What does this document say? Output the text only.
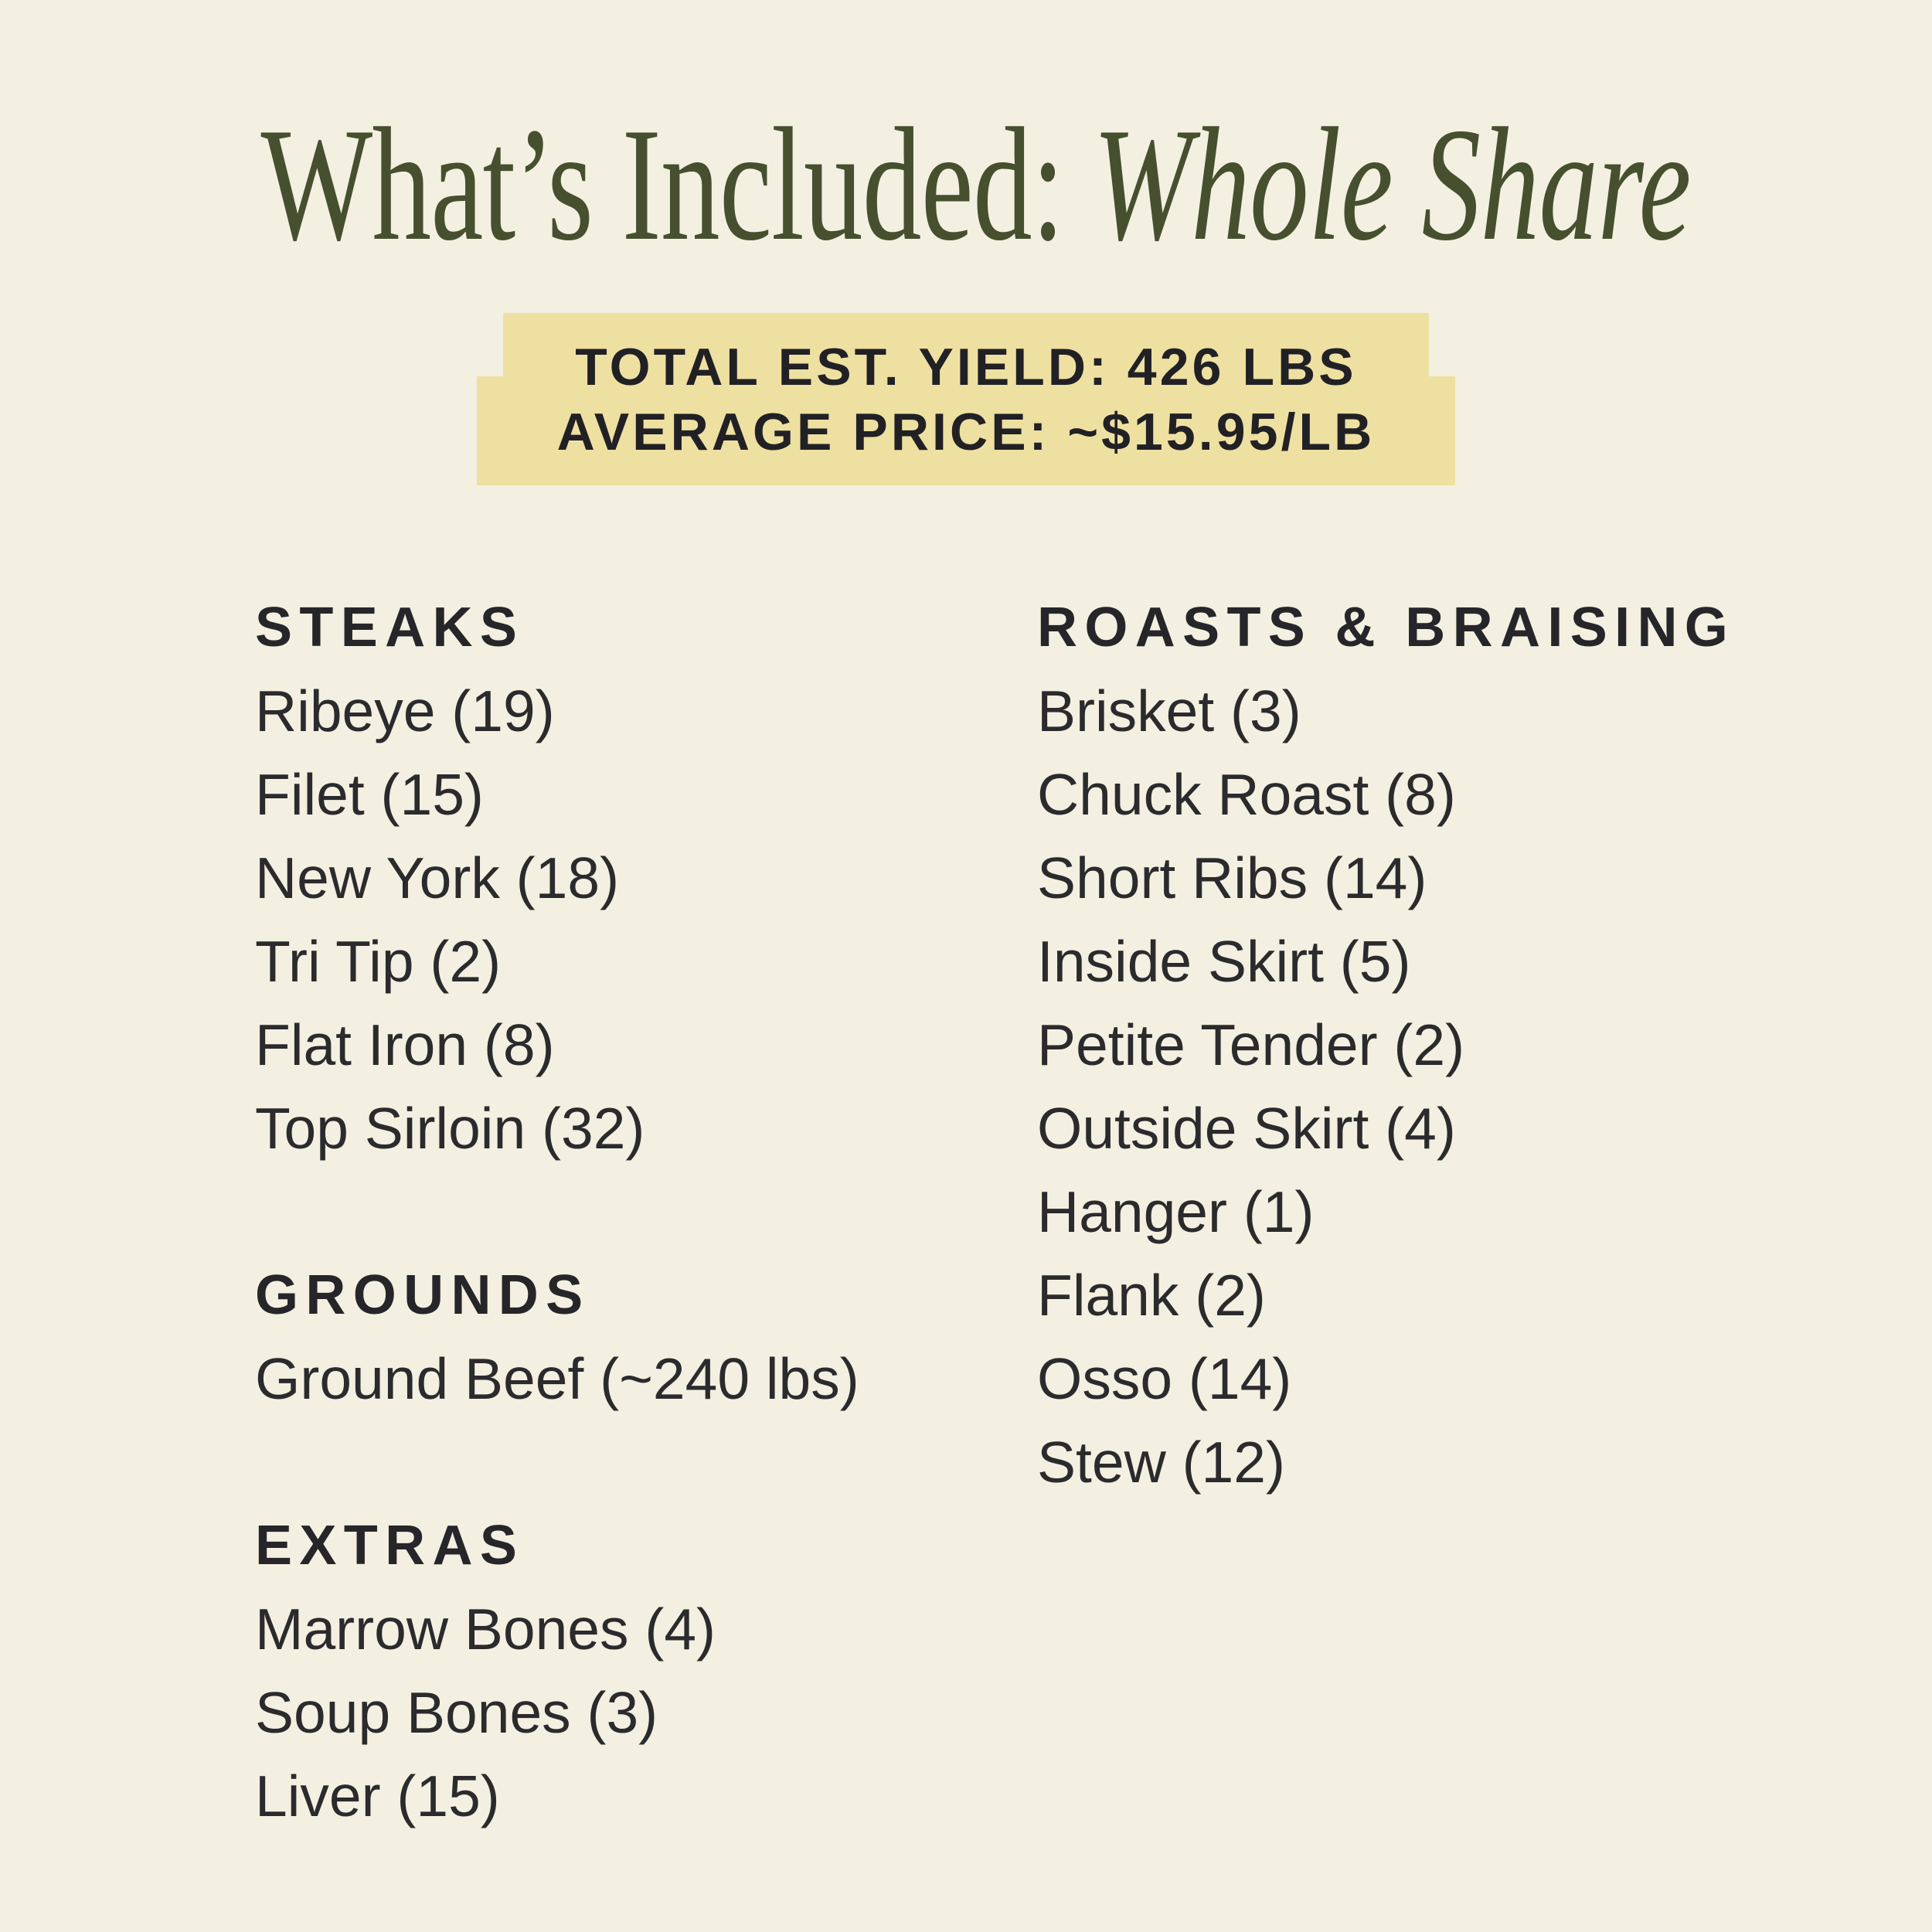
What’s Included: Whole Share
TOTAL EST. YIELD: 426 LBS
AVERAGE PRICE: ~$15.95/LB
STEAKS
Ribeye (19)
Filet (15)
New York (18)
Tri Tip (2)
Flat Iron (8)
Top Sirloin (32)
GROUNDS
Ground Beef (~240 lbs)
EXTRAS
Marrow Bones (4)
Soup Bones (3)
Liver (15)
ROASTS & BRAISING
Brisket (3)
Chuck Roast (8)
Short Ribs (14)
Inside Skirt (5)
Petite Tender (2)
Outside Skirt (4)
Hanger (1)
Flank (2)
Osso (14)
Stew (12)
